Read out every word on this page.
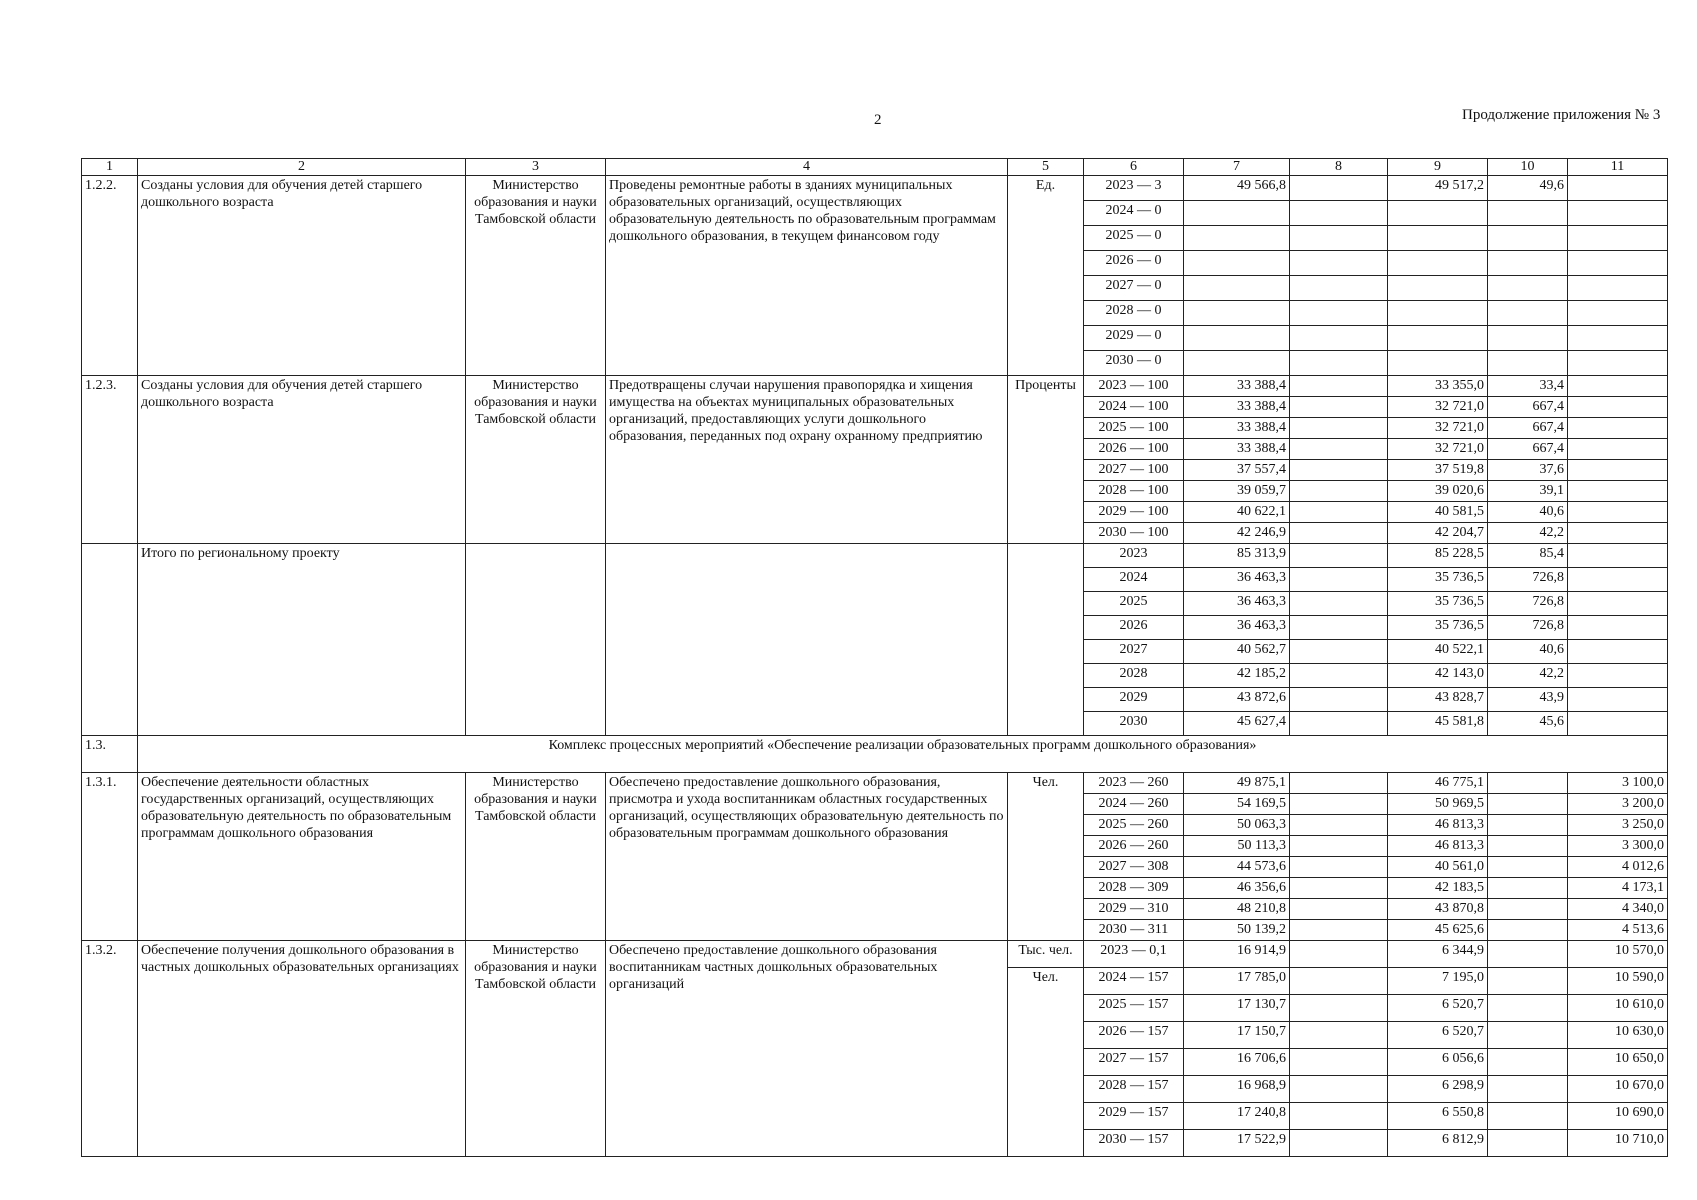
2	Продолжение приложения № 3
1	2	3	4	5	6	7	8	9	10	11
1.2.2.	Созданы условия для обучения детей старшего дошкольного возраста	Министерство образования и науки Тамбовской области	Проведены ремонтные работы в зданиях муниципальных образовательных организаций, осуществляющих образовательную деятельность по образовательным программам дошкольного образования, в текущем финансовом году	Ед.	2023 — 3	49 566,8		49 517,2	49,6	
					2024 — 0					
					2025 — 0					
					2026 — 0					
					2027 — 0					
					2028 — 0					
					2029 — 0					
					2030 — 0					
1.2.3.	Созданы условия для обучения детей старшего дошкольного возраста	Министерство образования и науки Тамбовской области	Предотвращены случаи нарушения правопорядка и хищения имущества на объектах муниципальных образовательных организаций, предоставляющих услуги дошкольного образования, переданных под охрану охранному предприятию	Проценты	2023 — 100	33 388,4		33 355,0	33,4	
					2024 — 100	33 388,4		32 721,0	667,4	
					2025 — 100	33 388,4		32 721,0	667,4	
					2026 — 100	33 388,4		32 721,0	667,4	
					2027 — 100	37 557,4		37 519,8	37,6	
					2028 — 100	39 059,7		39 020,6	39,1	
					2029 — 100	40 622,1		40 581,5	40,6	
					2030 — 100	42 246,9		42 204,7	42,2	
	Итого по региональному проекту				2023	85 313,9		85 228,5	85,4	
					2024	36 463,3		35 736,5	726,8	
					2025	36 463,3		35 736,5	726,8	
					2026	36 463,3		35 736,5	726,8	
					2027	40 562,7		40 522,1	40,6	
					2028	42 185,2		42 143,0	42,2	
					2029	43 872,6		43 828,7	43,9	
					2030	45 627,4		45 581,8	45,6	
1.3.	Комплекс процессных мероприятий «Обеспечение реализации образовательных программ дошкольного образования»									
1.3.1.	Обеспечение деятельности областных государственных организаций, осуществляющих образовательную деятельность по образовательным программам дошкольного образования	Министерство образования и науки Тамбовской области	Обеспечено предоставление дошкольного образования, присмотра и ухода воспитанникам областных государственных организаций, осуществляющих образовательную деятельность по образовательным программам дошкольного образования	Чел.	2023 — 260	49 875,1		46 775,1		3 100,0
					2024 — 260	54 169,5		50 969,5		3 200,0
					2025 — 260	50 063,3		46 813,3		3 250,0
					2026 — 260	50 113,3		46 813,3		3 300,0
					2027 — 308	44 573,6		40 561,0		4 012,6
					2028 — 309	46 356,6		42 183,5		4 173,1
					2029 — 310	48 210,8		43 870,8		4 340,0
					2030 — 311	50 139,2		45 625,6		4 513,6
1.3.2.	Обеспечение получения дошкольного образования в частных дошкольных образовательных организациях	Министерство образования и науки Тамбовской области	Обеспечено предоставление дошкольного образования воспитанникам частных дошкольных образовательных организаций	Тыс. чел.	2023 — 0,1	16 914,9		6 344,9		10 570,0
				Чел.	2024 — 157	17 785,0		7 195,0		10 590,0
					2025 — 157	17 130,7		6 520,7		10 610,0
					2026 — 157	17 150,7		6 520,7		10 630,0
					2027 — 157	16 706,6		6 056,6		10 650,0
					2028 — 157	16 968,9		6 298,9		10 670,0
					2029 — 157	17 240,8		6 550,8		10 690,0
					2030 — 157	17 522,9		6 812,9		10 710,0
